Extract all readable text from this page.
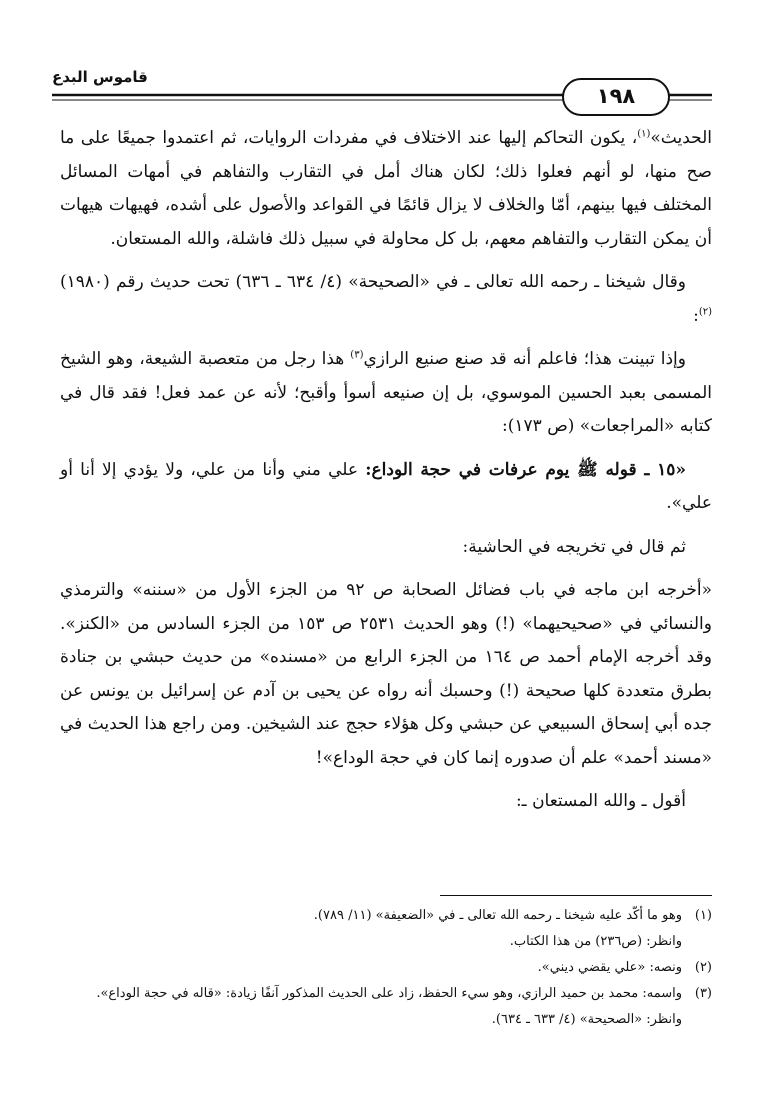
قاموس البدع
١٩٨

الحديث»$^{(١)}$، يكون التحاكم إليها عند الاختلاف في مفردات الروايات، ثم اعتمدوا جميعًا على ما صح منها، لو أنهم فعلوا ذلك؛ لكان هناك أمل في التقارب والتفاهم في أمهات المسائل المختلف فيها بينهم، أمّا والخلاف لا يزال قائمًا في القواعد والأصول على أشده، فهيهات هيهات أن يمكن التقارب والتفاهم معهم، بل كل محاولة في سبيل ذلك فاشلة، والله المستعان.

وقال شيخنا ـ رحمه الله تعالى ـ في «الصحيحة» (٤/ ٦٣٤ ـ ٦٣٦) تحت حديث رقم (١٩٨٠)$^{(٢)}$:

وإذا تبينت هذا؛ فاعلم أنه قد صنع صنيع الرازي$^{(٣)}$ هذا رجل من متعصبة الشيعة، وهو الشيخ المسمى بعبد الحسين الموسوي، بل إن صنيعه أسوأ وأقبح؛ لأنه عن عمد فعل! فقد قال في كتابه «المراجعات» (ص ١٧٣):

«١٥ ـ قوله ﷺ يوم عرفات في حجة الوداع: علي مني وأنا من علي، ولا يؤدي إلا أنا أو علي».

ثم قال في تخريجه في الحاشية:

«أخرجه ابن ماجه في باب فضائل الصحابة ص ٩٢ من الجزء الأول من «سننه» والترمذي والنسائي في «صحيحيهما» (!) وهو الحديث ٢٥٣١ ص ١٥٣ من الجزء السادس من «الكنز». وقد أخرجه الإمام أحمد ص ١٦٤ من الجزء الرابع من «مسنده» من حديث حبشي بن جنادة بطرق متعددة كلها صحيحة (!) وحسبك أنه رواه عن يحيى بن آدم عن إسرائيل بن يونس عن جده أبي إسحاق السبيعي عن حبشي وكل هؤلاء حجج عند الشيخين. ومن راجع هذا الحديث في «مسند أحمد» علم أن صدوره إنما كان في حجة الوداع»!

أقول ـ والله المستعان ـ:

(١)
وهو ما أكّد عليه شيخنا ـ رحمه الله تعالى ـ في «الضعيفة» (١١/ ٧٨٩).
وانظر: (ص٢٣٦) من هذا الكتاب.
(٢)
ونصه: «علي يقضي ديني».
(٣)
واسمه: محمد بن حميد الرازي، وهو سيء الحفظ، زاد على الحديث المذكور آنفًا زيادة: «قاله في حجة الوداع». وانظر: «الصحيحة» (٤/ ٦٣٣ ـ ٦٣٤).
